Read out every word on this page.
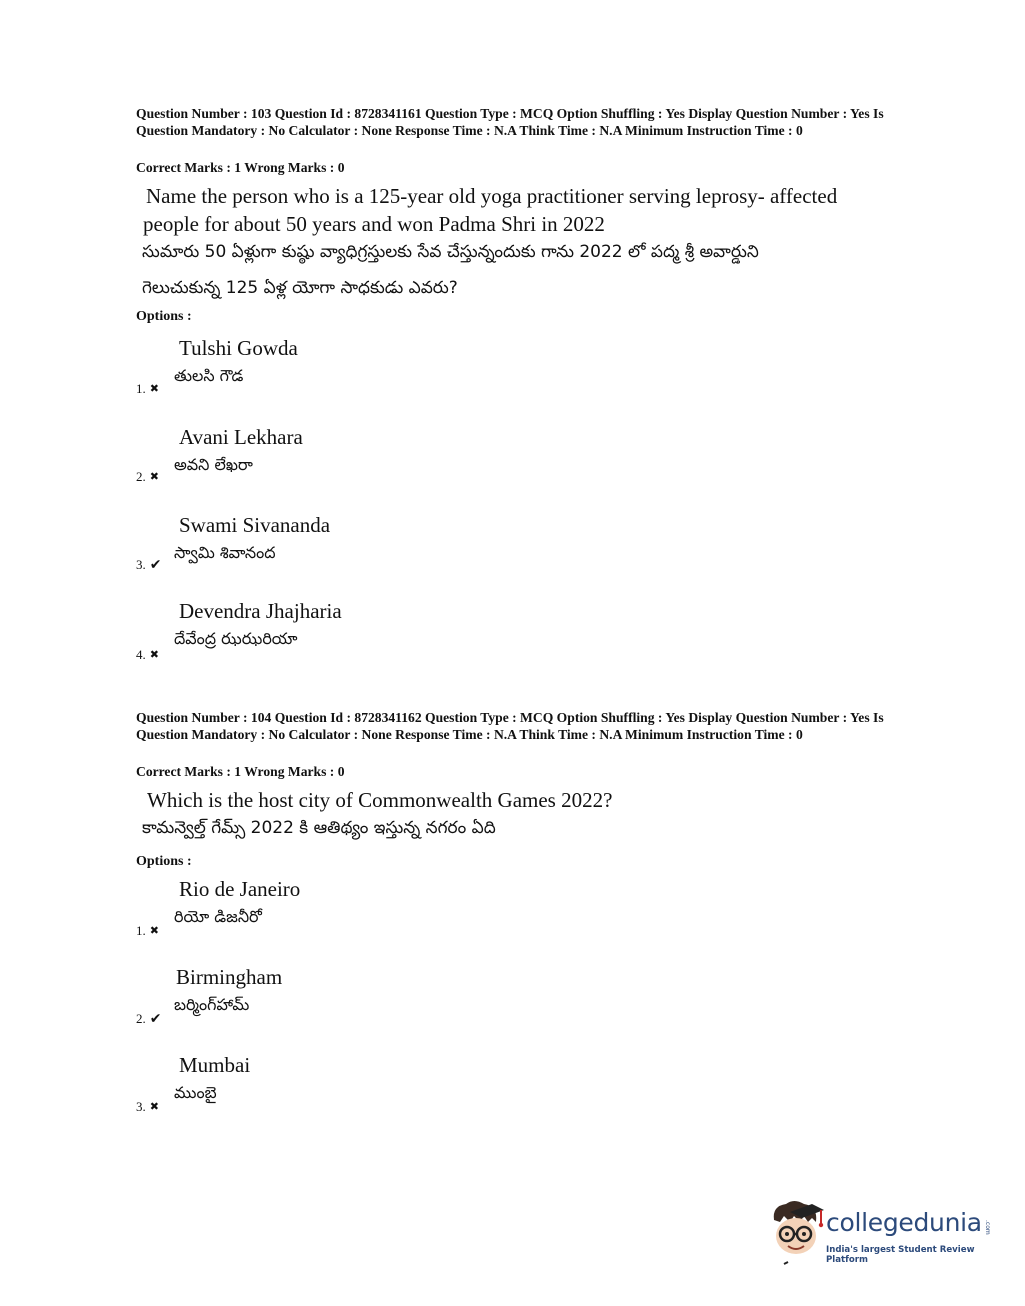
Question Number : 103 Question Id : 8728341161 Question Type : MCQ Option Shuffling : Yes Display Question Number : Yes Is Question Mandatory : No Calculator : None Response Time : N.A Think Time : N.A Minimum Instruction Time : 0
Correct Marks : 1 Wrong Marks : 0
Name the person who is a 125-year old yoga practitioner serving leprosy- affected
people for about 50 years and won Padma Shri in 2022
సుమారు 50 ఏళ్లుగా కుష్ఠు వ్యాధిగ్రస్తులకు సేవ చేస్తున్నందుకు గాను 2022 లో పద్మ శ్రీ అవార్డుని
గెలుచుకున్న 125 ఏళ్ల యోగా సాధకుడు ఎవరు?
Options :
Tulshi Gowda
తులసి గౌడ
1. ✖
Avani Lekhara
అవని లేఖరా
2. ✖
Swami Sivananda
స్వామి శివానంద
3. ✔
Devendra Jhajharia
దేవేంద్ర ఝఝరియా
4. ✖
Question Number : 104 Question Id : 8728341162 Question Type : MCQ Option Shuffling : Yes Display Question Number : Yes Is Question Mandatory : No Calculator : None Response Time : N.A Think Time : N.A Minimum Instruction Time : 0
Correct Marks : 1 Wrong Marks : 0
Which is the host city of Commonwealth Games 2022?
కామన్వెల్త్ గేమ్స్ 2022 కి ఆతిథ్యం ఇస్తున్న నగరం ఏది
Options :
Rio de Janeiro
రియో డిజనీరో
1. ✖
Birmingham
బర్మింగ్‌హామ్
2. ✔
Mumbai
ముంబై
3. ✖
collegedunia .com
India's largest Student Review Platform
